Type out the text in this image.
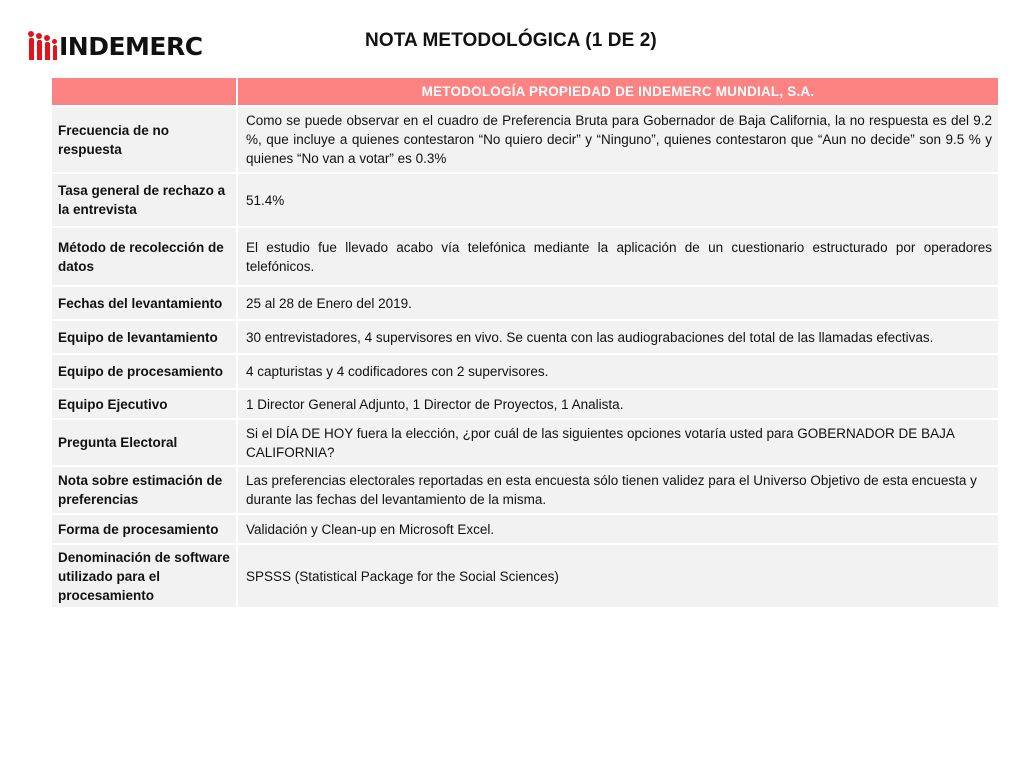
INDEMERC	NOTA METODOLÓGICA (1 DE 2)
METODOLOGÍA PROPIEDAD DE INDEMERC MUNDIAL, S.A.
Frecuencia de no respuesta
Como se puede observar en el cuadro de Preferencia Bruta para Gobernador de Baja California, la no respuesta es del 9.2 %, que incluye a quienes contestaron “No quiero decir” y “Ninguno”, quienes contestaron que “Aun no decide” son 9.5 % y quienes “No van a votar” es 0.3%
Tasa general de rechazo a la entrevista
51.4%
Método de recolección de datos
El estudio fue llevado acabo vía telefónica mediante la aplicación de un cuestionario estructurado por operadores telefónicos.
Fechas del levantamiento 25 al 28 de Enero del 2019.
Equipo de levantamiento 30 entrevistadores, 4 supervisores en vivo. Se cuenta con las audiograbaciones del total de las llamadas efectivas.
Equipo de procesamiento 4 capturistas y 4 codificadores con 2 supervisores.
Equipo Ejecutivo	1 Director General Adjunto, 1 Director de Proyectos, 1 Analista.
Pregunta Electoral
Si el DÍA DE HOY fuera la elección, ¿por cuál de las siguientes opciones votaría usted para GOBERNADOR DE BAJA CALIFORNIA?
Nota sobre estimación de preferencias
Las preferencias electorales reportadas en esta encuesta sólo tienen validez para el Universo Objetivo de esta encuesta y durante las fechas del levantamiento de la misma.
Forma de procesamiento Validación y Clean-up en Microsoft Excel.
Denominación de software utilizado para el procesamiento
SPSSS (Statistical Package for the Social Sciences)
